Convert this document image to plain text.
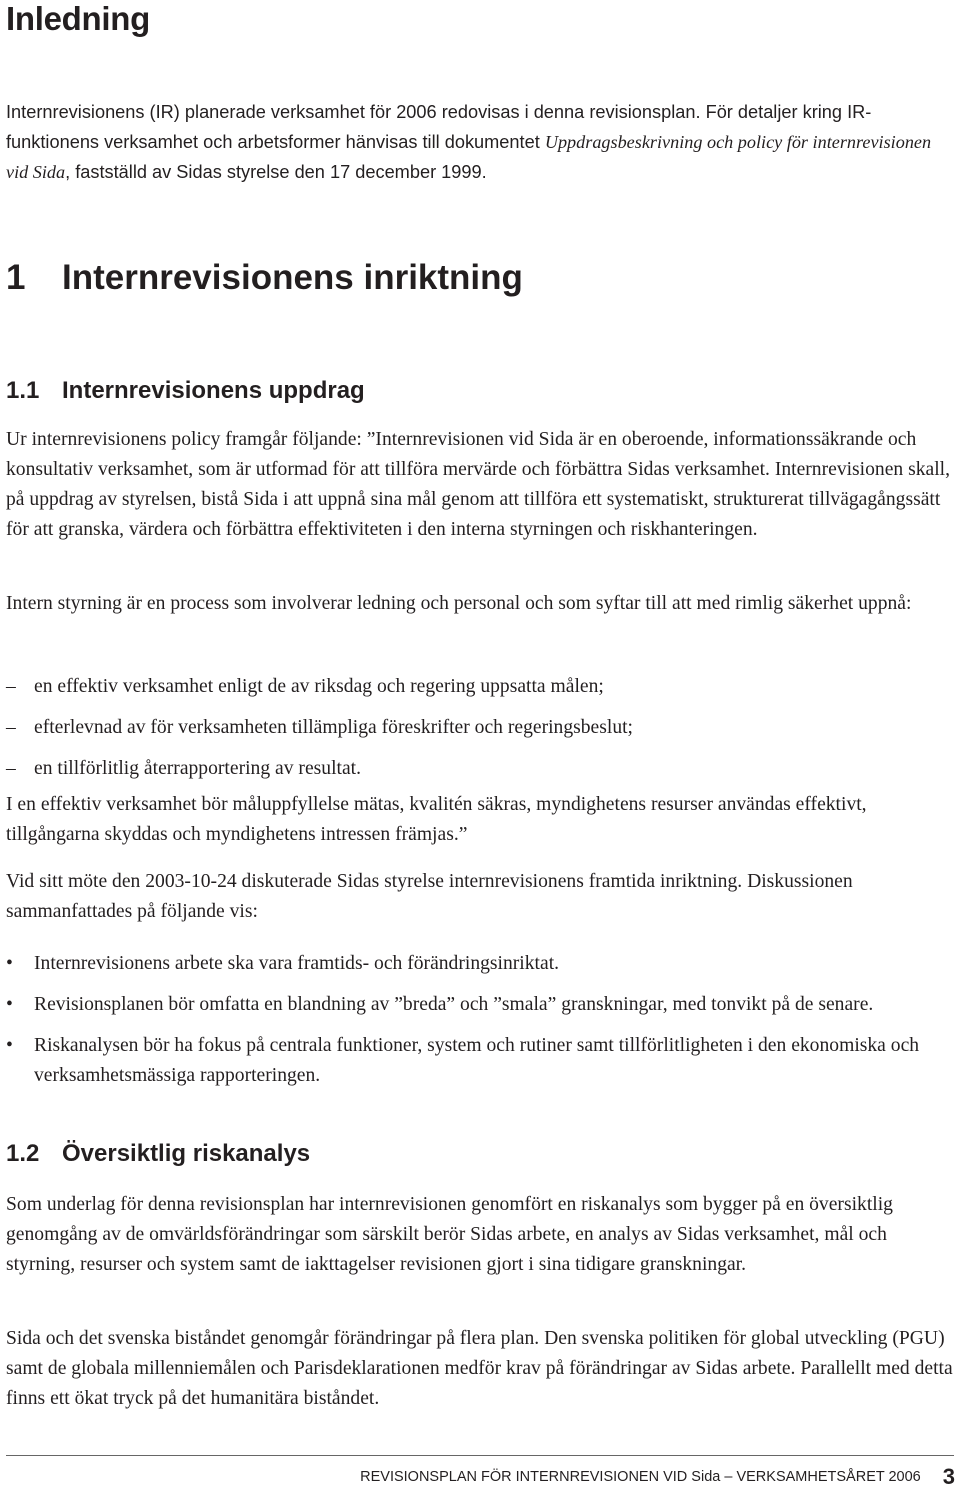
Inledning

Internrevisionens (IR) planerade verksamhet för 2006 redovisas i denna revisionsplan. För detaljer kring IR-funktionens verksamhet och arbetsformer hänvisas till dokumentet Uppdragsbeskrivning och policy för internrevisionen vid Sida, fastställd av Sidas styrelse den 17 december 1999.

1 Internrevisionens inriktning
1.1 Internrevisionens uppdrag

Ur internrevisionens policy framgår följande: ”Internrevisionen vid Sida är en oberoende, informationssäkrande och konsultativ verksamhet, som är utformad för att tillföra mervärde och förbättra Sidas verksamhet. Internrevisionen skall, på uppdrag av styrelsen, bistå Sida i att uppnå sina mål genom att tillföra ett systematiskt, strukturerat tillvägagångssätt för att granska, värdera och förbättra effektiviteten i den interna styrningen och riskhanteringen.

Intern styrning är en process som involverar ledning och personal och som syftar till att med rimlig säkerhet uppnå:

– en effektiv verksamhet enligt de av riksdag och regering uppsatta målen;
– efterlevnad av för verksamheten tillämpliga föreskrifter och regeringsbeslut;
– en tillförlitlig återrapportering av resultat.

I en effektiv verksamhet bör måluppfyllelse mätas, kvalitén säkras, myndighetens resurser användas effektivt, tillgångarna skyddas och myndighetens intressen främjas.”

Vid sitt möte den 2003-10-24 diskuterade Sidas styrelse internrevisionens framtida inriktning. Diskussionen sammanfattades på följande vis:

• Internrevisionens arbete ska vara framtids- och förändringsinriktat.
• Revisionsplanen bör omfatta en blandning av ”breda” och ”smala” granskningar, med tonvikt på de senare.
• Riskanalysen bör ha fokus på centrala funktioner, system och rutiner samt tillförlitligheten i den ekonomiska och verksamhetsmässiga rapporteringen.
1.2 Översiktlig riskanalys

Som underlag för denna revisionsplan har internrevisionen genomfört en riskanalys som bygger på en översiktlig genomgång av de omvärldsförändringar som särskilt berör Sidas arbete, en analys av Sidas verksamhet, mål och styrning, resurser och system samt de iakttagelser revisionen gjort i sina tidigare granskningar.

Sida och det svenska biståndet genomgår förändringar på flera plan. Den svenska politiken för global utveckling (PGU) samt de globala millenniemålen och Parisdeklarationen medför krav på förändringar av Sidas arbete. Parallellt med detta finns ett ökat tryck på det humanitära biståndet.

REVISIONSPLAN FÖR INTERNREVISIONEN VID Sida – VERKSAMHETSÅRET 2006 3
